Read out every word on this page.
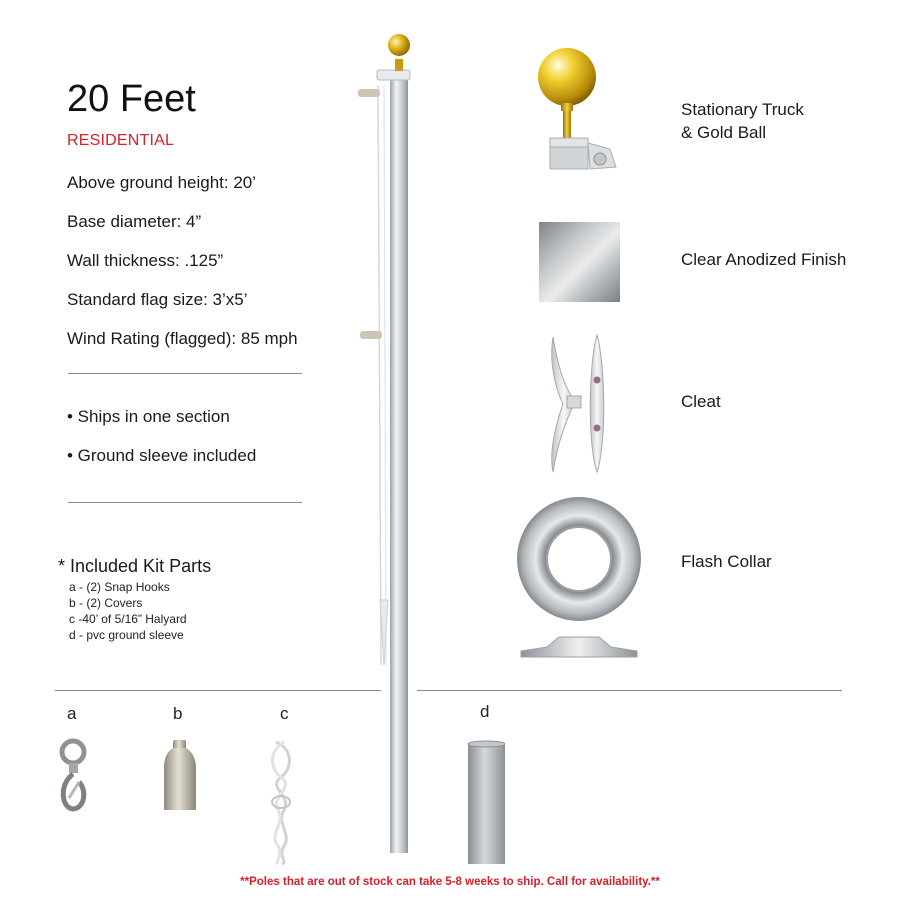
20 Feet
RESIDENTIAL
Above ground height: 20’
Base diameter: 4”
Wall thickness: .125”
Standard flag size: 3’x5’
Wind Rating (flagged): 85 mph
• Ships in one section
• Ground sleeve included
* Included Kit Parts
a - (2) Snap Hooks
b - (2) Covers
c -40’ of 5/16” Halyard
d - pvc ground sleeve
Stationary Truck
& Gold Ball
Clear Anodized Finish
Cleat
Flash Collar
a	b	c	d
**Poles that are out of stock can take 5-8 weeks to ship. Call for availability.**
